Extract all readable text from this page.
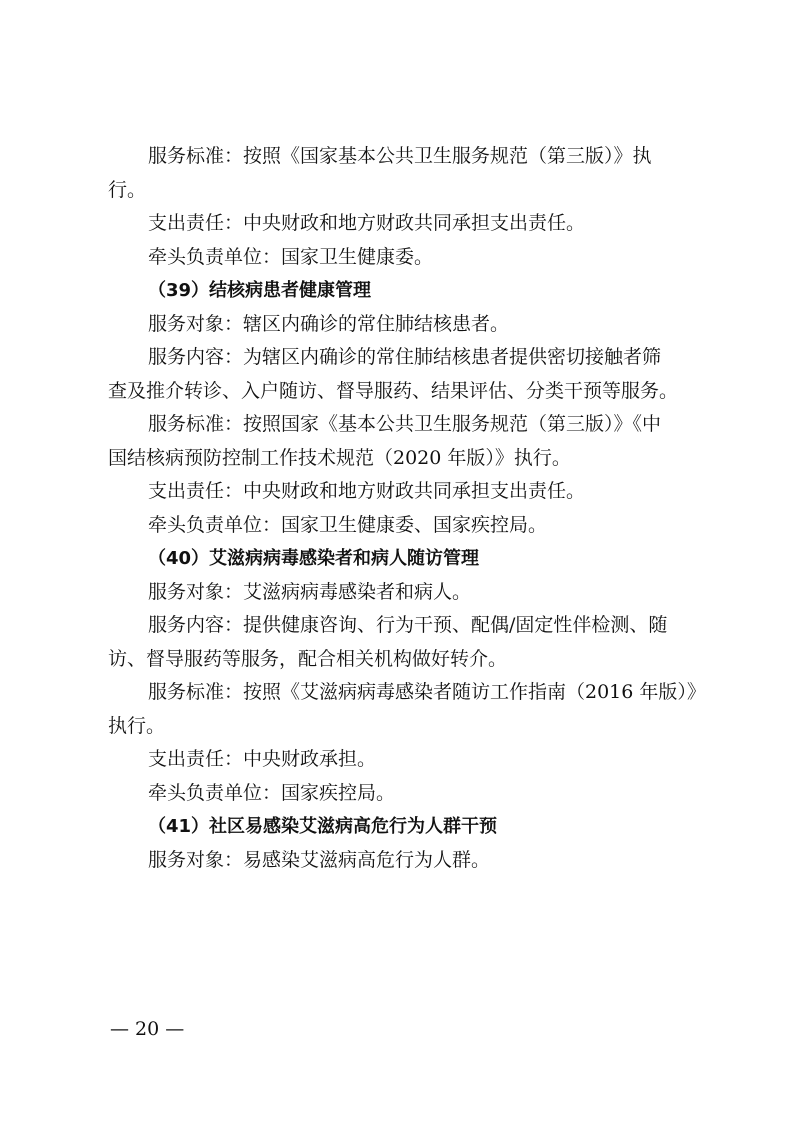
服务标准：按照《国家基本公共卫生服务规范（第三版）》执

行。

支出责任：中央财政和地方财政共同承担支出责任。

牵头负责单位：国家卫生健康委。

（39）结核病患者健康管理

服务对象：辖区内确诊的常住肺结核患者。

服务内容：为辖区内确诊的常住肺结核患者提供密切接触者筛

查及推介转诊、入户随访、督导服药、结果评估、分类干预等服务。

服务标准：按照国家《基本公共卫生服务规范（第三版）》《中

国结核病预防控制工作技术规范（2020 年版）》执行。

支出责任：中央财政和地方财政共同承担支出责任。

牵头负责单位：国家卫生健康委、国家疾控局。

（40）艾滋病病毒感染者和病人随访管理

服务对象：艾滋病病毒感染者和病人。

服务内容：提供健康咨询、行为干预、配偶/固定性伴检测、随

访、督导服药等服务，配合相关机构做好转介。

服务标准：按照《艾滋病病毒感染者随访工作指南（2016 年版）》

执行。

支出责任：中央财政承担。

牵头负责单位：国家疾控局。

（41）社区易感染艾滋病高危行为人群干预

服务对象：易感染艾滋病高危行为人群。

— 20 —
